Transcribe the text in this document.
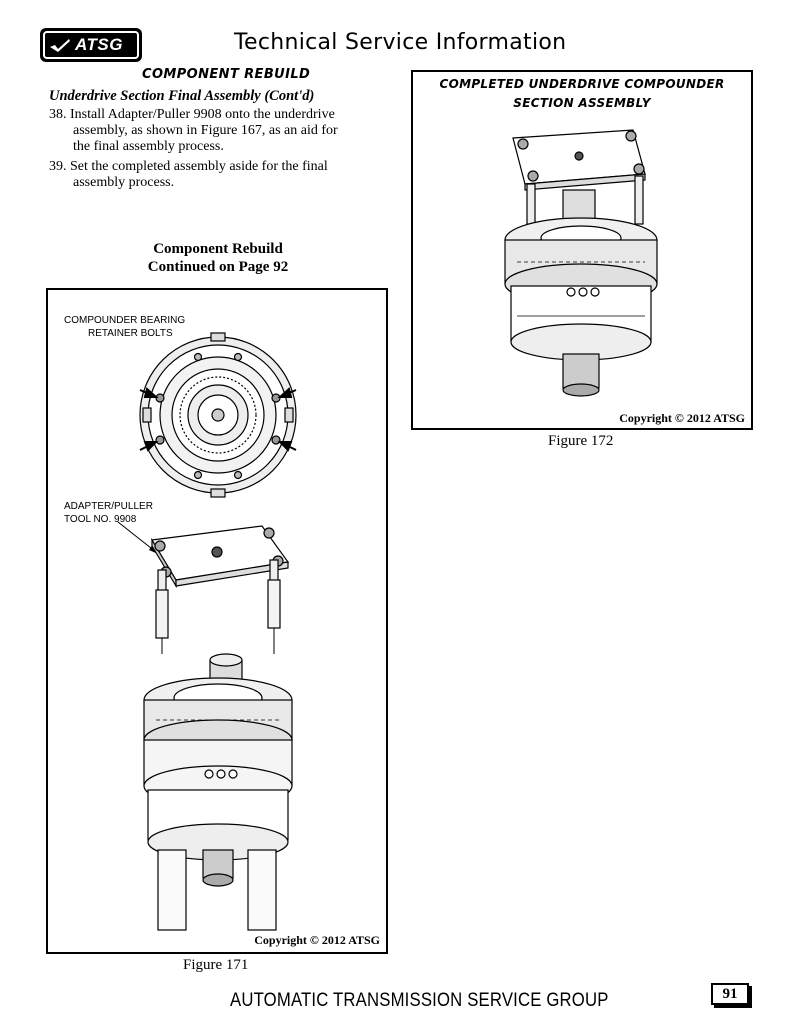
ATSG	Technical Service Information
COMPONENT REBUILD
Underdrive Section Final Assembly (Cont'd)
38. Install Adapter/Puller 9908 onto the underdrive
assembly, as shown in Figure 167, as an aid for
the final assembly process.
39. Set the completed assembly aside for the final
assembly process.
Component Rebuild
Continued on Page 92
COMPOUNDER BEARING
RETAINER BOLTS
ADAPTER/PULLER
TOOL NO. 9908
Copyright © 2012 ATSG
Figure 171
COMPLETED UNDERDRIVE COMPOUNDER
SECTION ASSEMBLY
Copyright © 2012 ATSG
Figure 172
AUTOMATIC TRANSMISSION SERVICE GROUP	91
